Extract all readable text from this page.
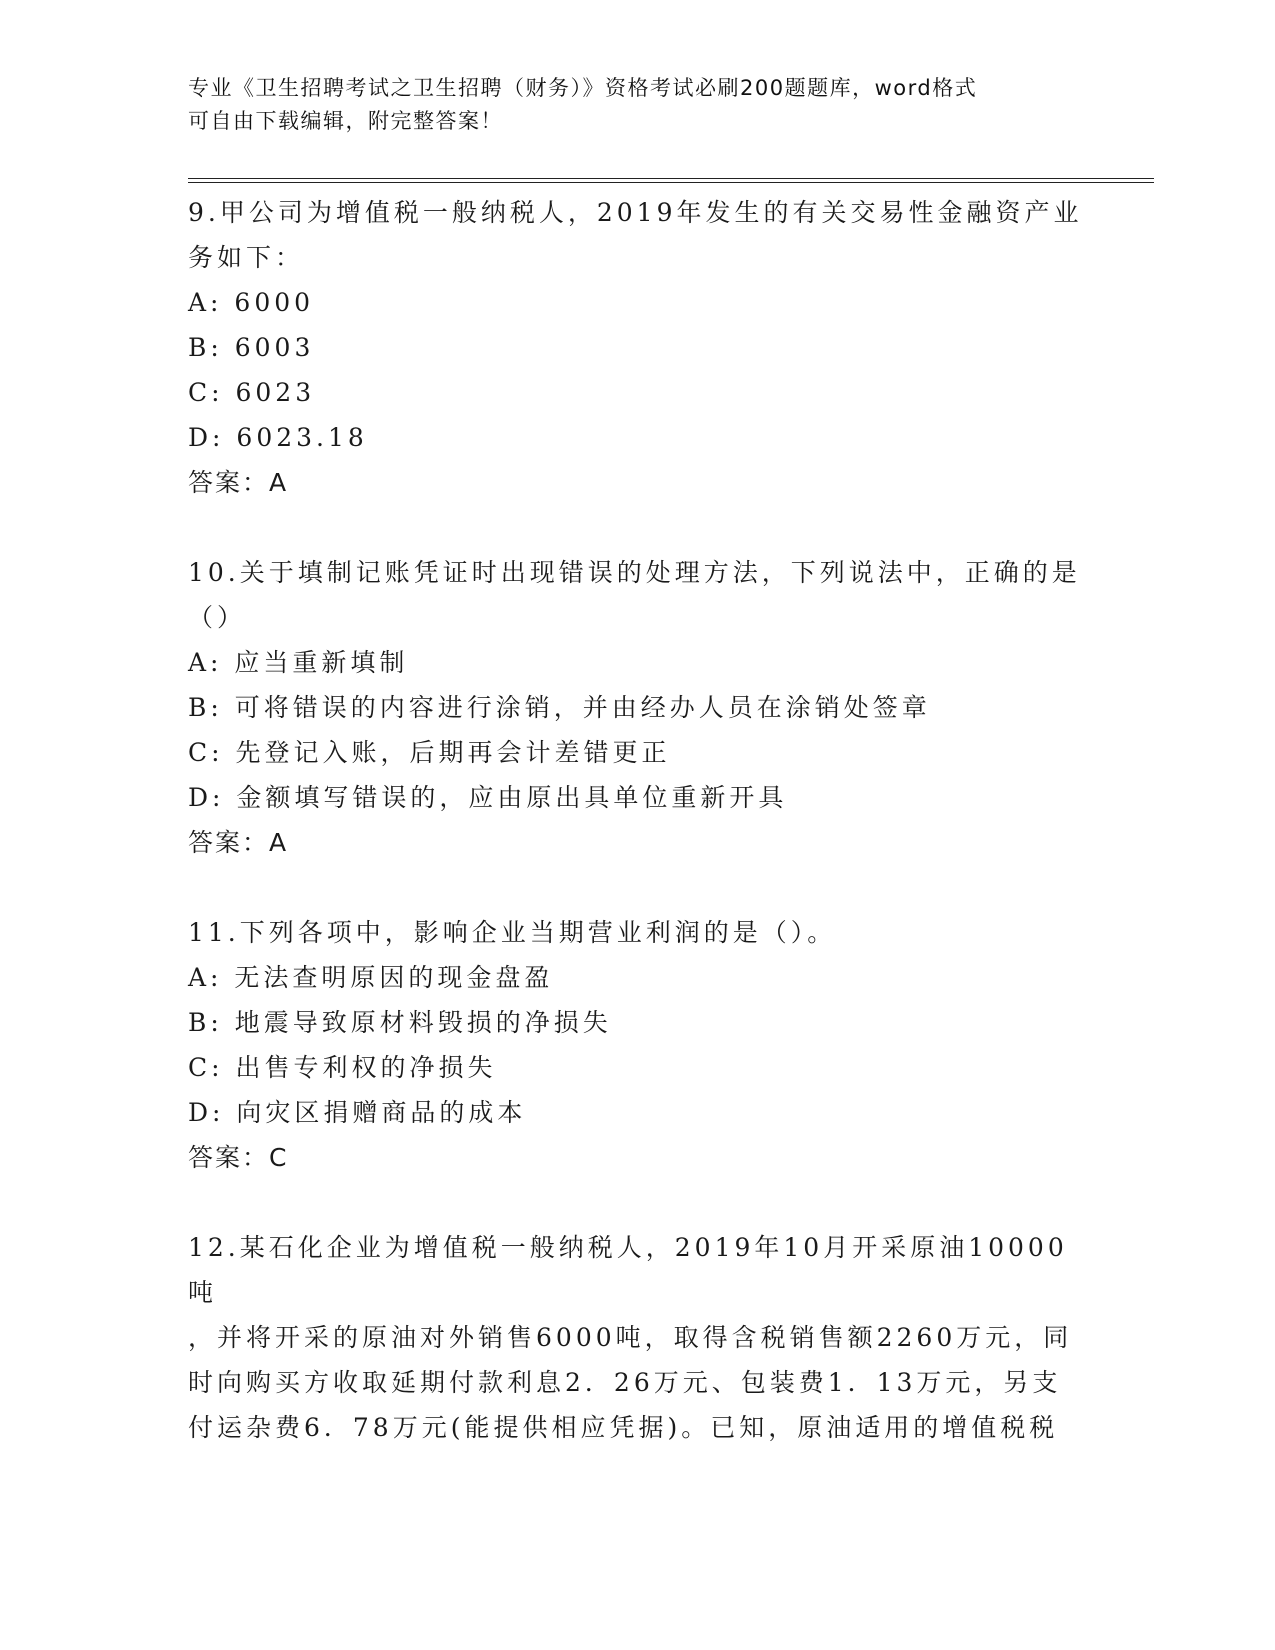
专业《卫生招聘考试之卫生招聘（财务）》资格考试必刷200题题库，word格式
可自由下载编辑，附完整答案！
9.甲公司为增值税一般纳税人，2019年发生的有关交易性金融资产业
务如下：
A: 6000
B: 6003
C: 6023
D: 6023.18
答案：A
10.关于填制记账凭证时出现错误的处理方法，下列说法中，正确的是
（）
A: 应当重新填制
B: 可将错误的内容进行涂销，并由经办人员在涂销处签章
C: 先登记入账，后期再会计差错更正
D: 金额填写错误的，应由原出具单位重新开具
答案：A
11.下列各项中，影响企业当期营业利润的是（）。
A: 无法查明原因的现金盘盈
B: 地震导致原材料毁损的净损失
C: 出售专利权的净损失
D: 向灾区捐赠商品的成本
答案：C
12.某石化企业为增值税一般纳税人，2019年10月开采原油10000吨
，并将开采的原油对外销售6000吨，取得含税销售额2260万元，同
时向购买方收取延期付款利息2．26万元、包装费1．13万元，另支
付运杂费6．78万元(能提供相应凭据)。已知，原油适用的增值税税
